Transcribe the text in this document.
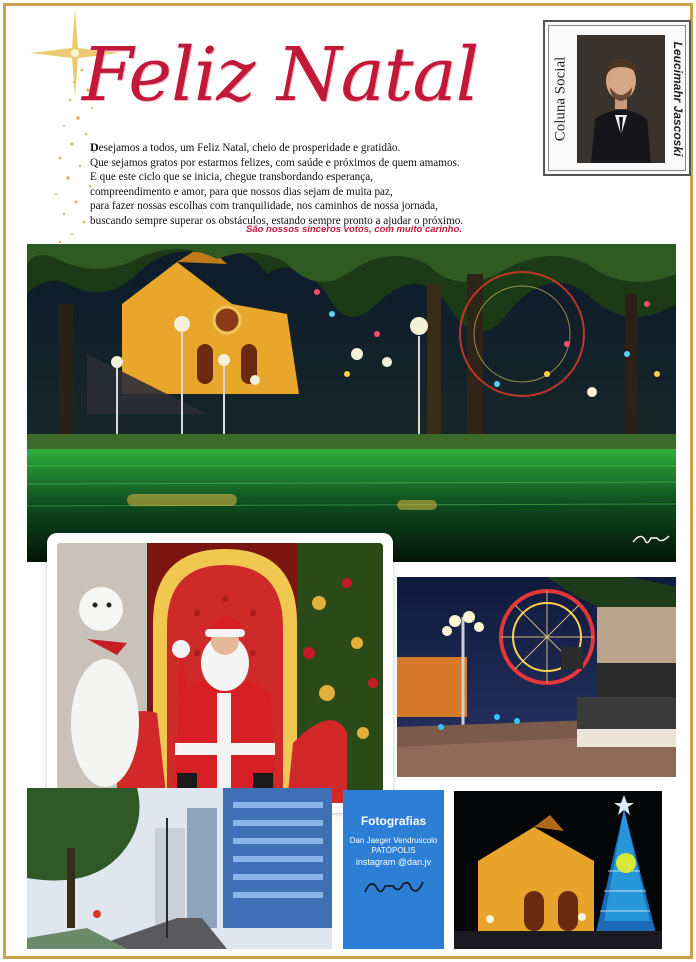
Feliz Natal

Desejamos a todos, um Feliz Natal, cheio de prosperidade e gratidão.

Que sejamos gratos por estarmos felizes, com saúde e próximos de quem amamos.

E que este ciclo que se inicia, chegue transbordando esperança,

compreendimento e amor, para que nossos dias sejam de muita paz,

para fazer nossas escolhas com tranquilidade, nos caminhos de nossa jornada,

buscando sempre superar os obstáculos, estando sempre pronto a ajudar o próximo.

São nossos sinceros votos, com muito carinho.
Coluna Social	Leucimahr Jascoski
Fotografias
Dan Jaeger Vendruscolo
PATÓPOLIS
instagram @dan.jv
